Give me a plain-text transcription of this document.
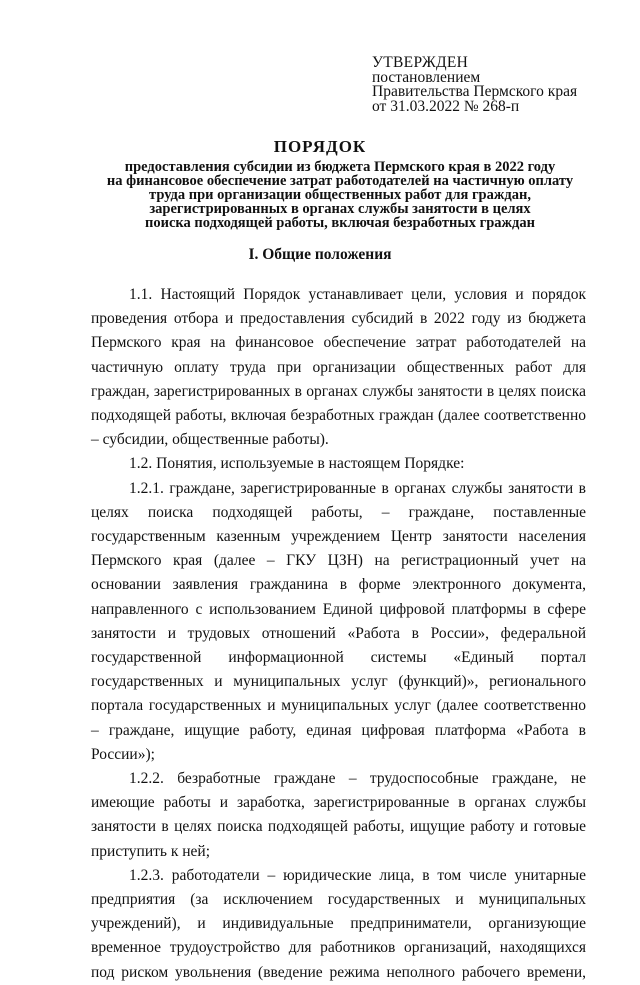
УТВЕРЖДЕН
постановлением
Правительства Пермского края
от 31.03.2022 № 268-п
ПОРЯДОК
предоставления субсидии из бюджета Пермского края в 2022 году
на финансовое обеспечение затрат работодателей на частичную оплату
труда при организации общественных работ для граждан,
зарегистрированных в органах службы занятости в целях
поиска подходящей работы, включая безработных граждан
I. Общие положения

1.1. Настоящий Порядок устанавливает цели, условия и порядок проведения отбора и предоставления субсидий в 2022 году из бюджета Пермского края на финансовое обеспечение затрат работодателей на частичную оплату труда при организации общественных работ для граждан, зарегистрированных в органах службы занятости в целях поиска подходящей работы, включая безработных граждан (далее соответственно – субсидии, общественные работы).

1.2. Понятия, используемые в настоящем Порядке:

1.2.1. граждане, зарегистрированные в органах службы занятости в целях поиска подходящей работы, – граждане, поставленные государственным казенным учреждением Центр занятости населения Пермского края (далее – ГКУ ЦЗН) на регистрационный учет на основании заявления гражданина в форме электронного документа, направленного с использованием Единой цифровой платформы в сфере занятости и трудовых отношений «Работа в России», федеральной государственной информационной системы «Единый портал государственных и муниципальных услуг (функций)», регионального портала государственных и муниципальных услуг (далее соответственно – граждане, ищущие работу, единая цифровая платформа «Работа в России»);

1.2.2. безработные граждане – трудоспособные граждане, не имеющие работы и заработка, зарегистрированные в органах службы занятости в целях поиска подходящей работы, ищущие работу и готовые приступить к ней;

1.2.3. работодатели – юридические лица, в том числе унитарные предприятия (за исключением государственных и муниципальных учреждений), и индивидуальные предприниматели, организующие временное трудоустройство для работников организаций, находящихся под риском увольнения (введение режима неполного рабочего времени,
